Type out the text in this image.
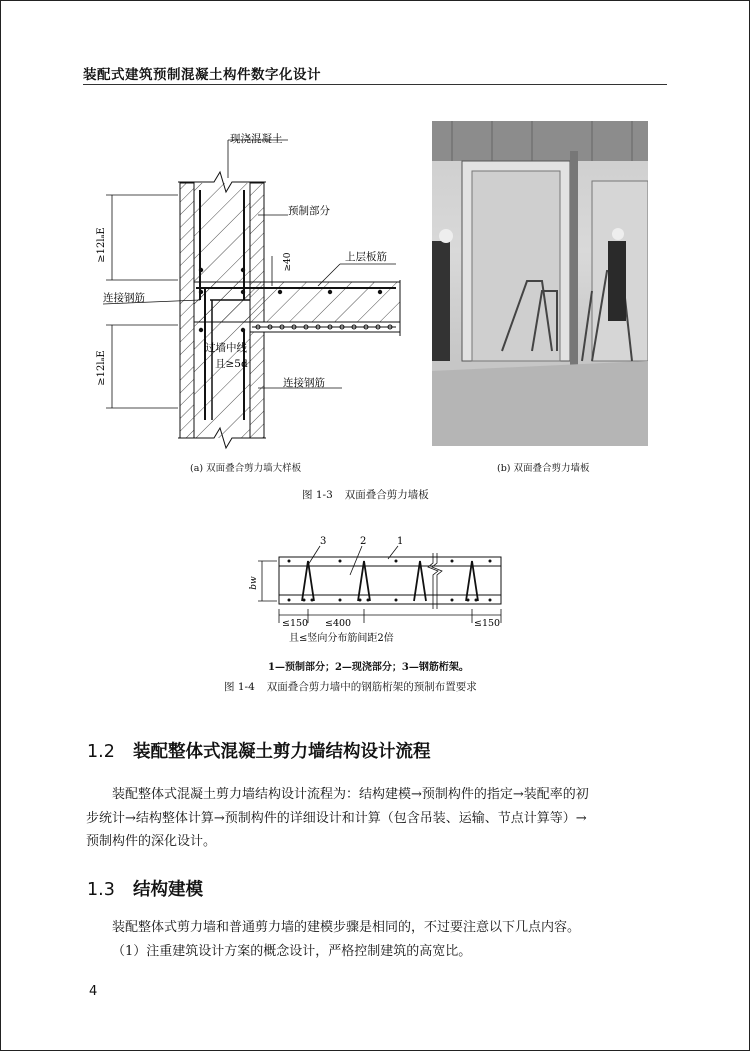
装配式建筑预制混凝土构件数字化设计
≥12lₐE
≥12lₐE
≥40
现浇混凝土
预制部分
上层板筋
连接钢筋
过墙中线
且≥5d
连接钢筋
(a) 双面叠合剪力墙大样板	(b) 双面叠合剪力墙板
图 1-3 双面叠合剪力墙板
3	2	1
bw
≤150 ≤400	≤150
且≤竖向分布筋间距2倍
1—预制部分；2—现浇部分；3—钢筋桁架。
图 1-4 双面叠合剪力墙中的钢筋桁架的预制布置要求
1.2 装配整体式混凝土剪力墙结构设计流程

装配整体式混凝土剪力墙结构设计流程为：结构建模→预制构件的指定→装配率的初

步统计→结构整体计算→预制构件的详细设计和计算（包含吊装、运输、节点计算等）→

预制构件的深化设计。

1.3 结构建模

装配整体式剪力墙和普通剪力墙的建模步骤是相同的，不过要注意以下几点内容。

（1）注重建筑设计方案的概念设计，严格控制建筑的高宽比。

4
